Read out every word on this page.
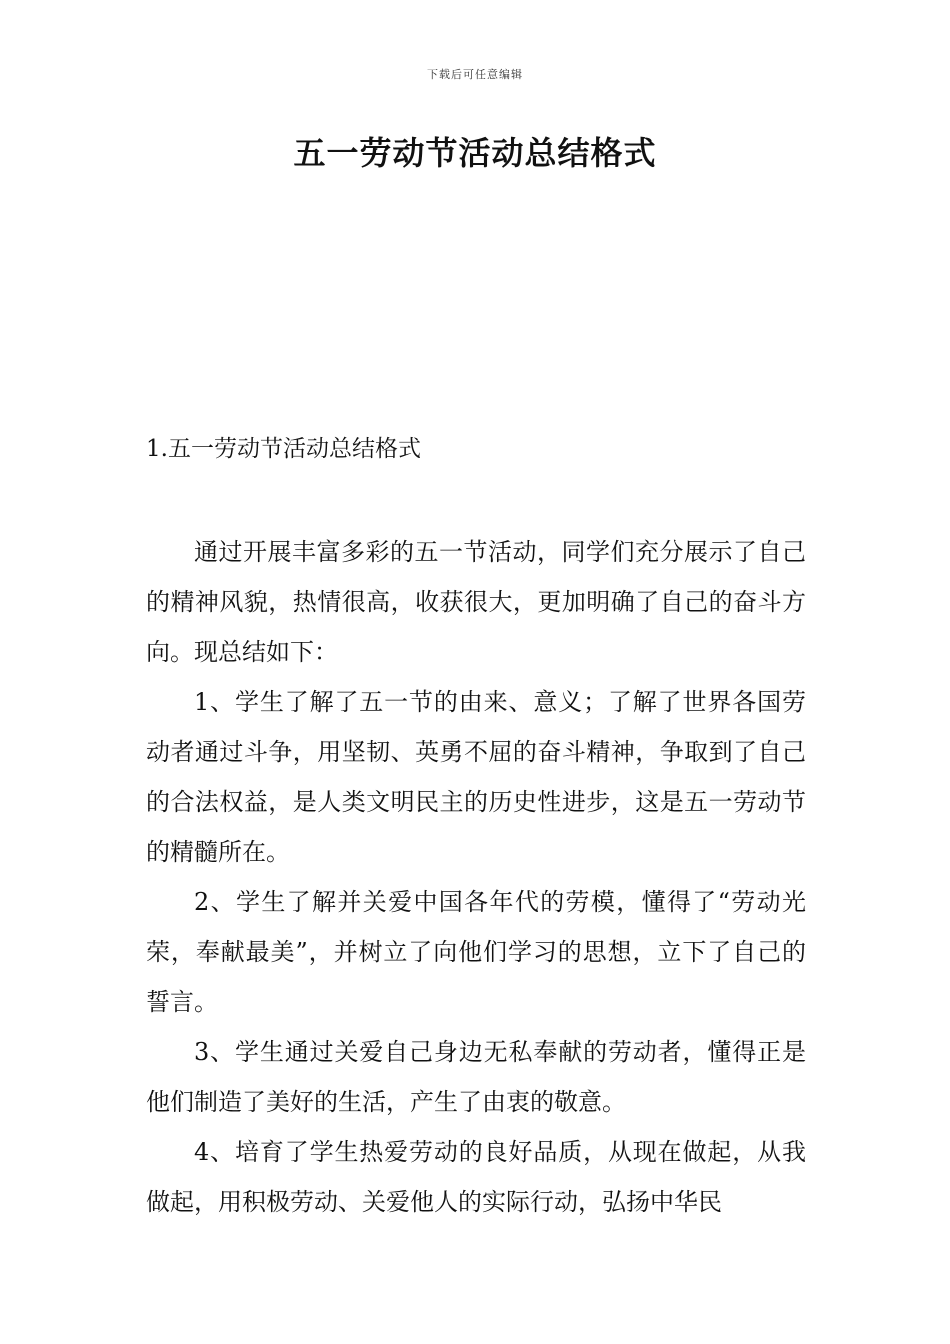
下载后可任意编辑
五一劳动节活动总结格式
1.五一劳动节活动总结格式

通过开展丰富多彩的五一节活动，同学们充分展示了自己的精神风貌，热情很高，收获很大，更加明确了自己的奋斗方向。现总结如下：

1、学生了解了五一节的由来、意义；了解了世界各国劳动者通过斗争，用坚韧、英勇不屈的奋斗精神，争取到了自己的合法权益，是人类文明民主的历史性进步，这是五一劳动节的精髓所在。

2、学生了解并关爱中国各年代的劳模，懂得了“劳动光荣，奉献最美”，并树立了向他们学习的思想，立下了自己的誓言。

3、学生通过关爱自己身边无私奉献的劳动者，懂得正是他们制造了美好的生活，产生了由衷的敬意。

4、培育了学生热爱劳动的良好品质，从现在做起，从我做起，用积极劳动、关爱他人的实际行动，弘扬中华民
